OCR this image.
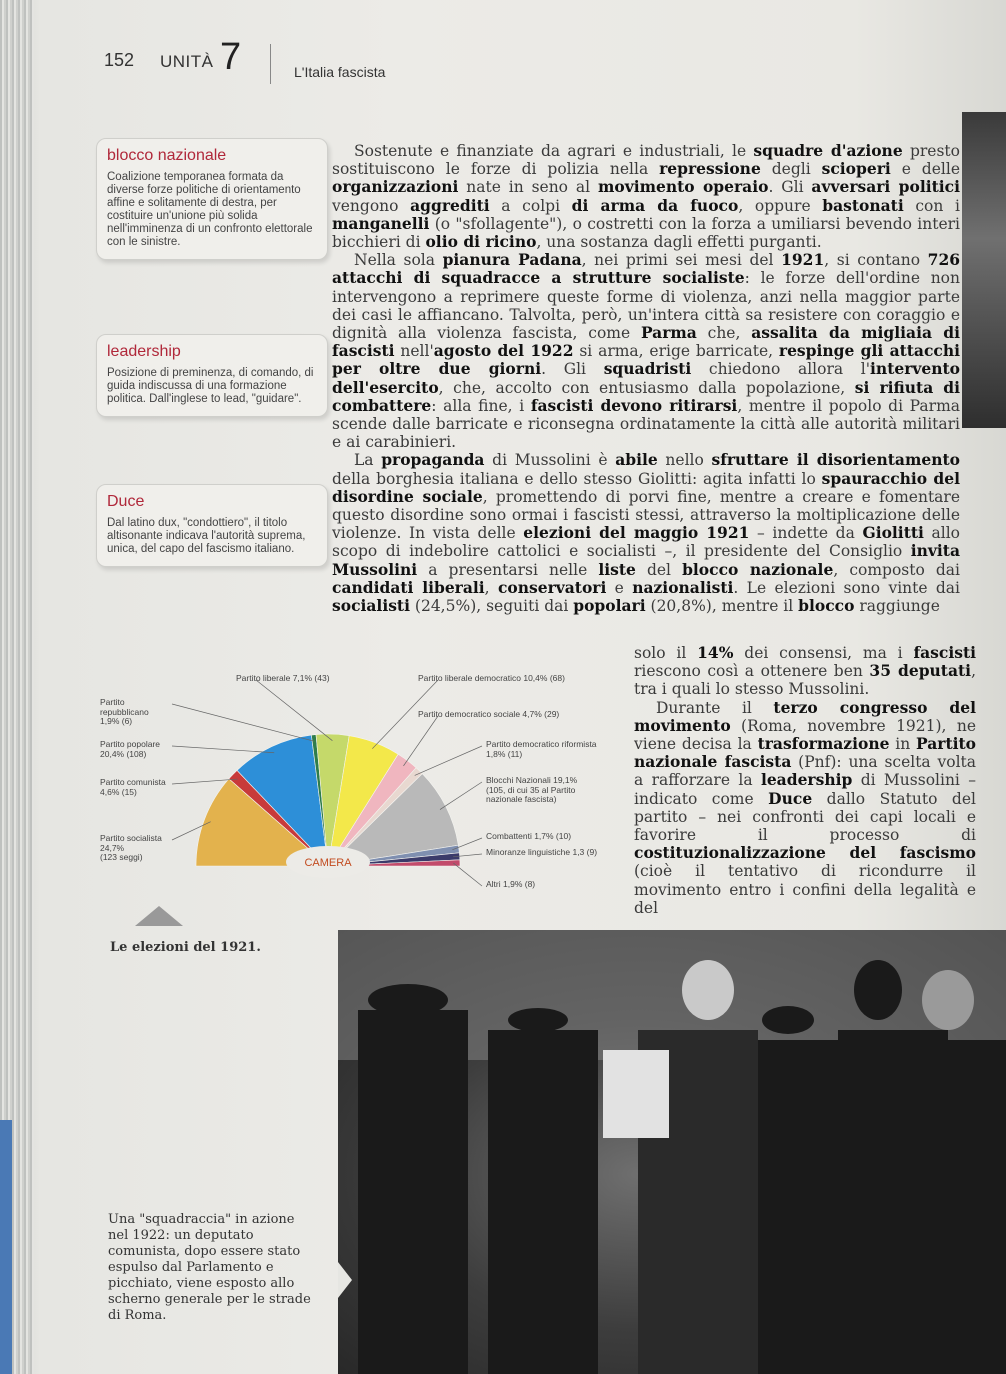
152 UNITÀ 7	L'Italia fascista
blocco nazionale

Coalizione temporanea formata da diverse forze politiche di orientamento affine e solitamente di destra, per costituire un'unione più solida nell'imminenza di un confronto elettorale con le sinistre.

leadership

Posizione di preminenza, di comando, di guida indiscussa di una formazione politica. Dall'inglese to lead, "guidare".

Duce

Dal latino dux, "condottiero", il titolo altisonante indicava l'autorità suprema, unica, del capo del fascismo italiano.

Sostenute e finanziate da agrari e industriali, le squadre d'azione presto sostituiscono le forze di polizia nella repressione degli scioperi e delle organizzazioni nate in seno al movimento operaio. Gli avversari politici vengono aggrediti a colpi di arma da fuoco, oppure bastonati con i manganelli (o "sfollagente"), o costretti con la forza a umiliarsi bevendo interi bicchieri di olio di ricino, una sostanza dagli effetti purganti.

Nella sola pianura Padana, nei primi sei mesi del 1921, si contano 726 attacchi di squadracce a strutture socialiste: le forze dell'ordine non intervengono a reprimere queste forme di violenza, anzi nella maggior parte dei casi le affiancano. Talvolta, però, un'intera città sa resistere con coraggio e dignità alla violenza fascista, come Parma che, assalita da migliaia di fascisti nell'agosto del 1922 si arma, erige barricate, respinge gli attacchi per oltre due giorni. Gli squadristi chiedono allora l'intervento dell'esercito, che, accolto con entusiasmo dalla popolazione, si rifiuta di combattere: alla fine, i fascisti devono ritirarsi, mentre il popolo di Parma scende dalle barricate e riconsegna ordinatamente la città alle autorità militari e ai carabinieri.

La propaganda di Mussolini è abile nello sfruttare il disorientamento della borghesia italiana e dello stesso Giolitti: agita infatti lo spauracchio del disordine sociale, promettendo di porvi fine, mentre a creare e fomentare questo disordine sono ormai i fascisti stessi, attraverso la moltiplicazione delle violenze. In vista delle elezioni del maggio 1921 – indette da Giolitti allo scopo di indebolire cattolici e socialisti –, il presidente del Consiglio invita Mussolini a presentarsi nelle liste del blocco nazionale, composto dai candidati liberali, conservatori e nazionalisti. Le elezioni sono vinte dai socialisti (24,5%), seguiti dai popolari (20,8%), mentre il blocco raggiunge

solo il 14% dei consensi, ma i fascisti riescono così a ottenere ben 35 deputati, tra i quali lo stesso Mussolini.

Durante il terzo congresso del movimento (Roma, novembre 1921), ne viene decisa la trasformazione in Partito nazionale fascista (Pnf): una scelta volta a rafforzare la leadership di Mussolini – indicato come Duce dallo Statuto del partito – nei confronti dei capi locali e favorire il processo di costituzionalizzazione del fascismo (cioè il tentativo di ricondurre il movimento entro i confini della legalità e del

CAMERA
Partito socialista
24,7%
(123 seggi)
Partito comunista 4,6% (15)
Partito popolare 20,4% (108)
Partito repubblicano 1,9% (6)
Partito liberale 7,1% (43)	Partito liberale democratico 10,4% (68)
Partito democratico sociale 4,7% (29)
Partito democratico riformista 1,8% (11)
Blocchi Nazionali 19,1%
(105, di cui 35 al Partito nazionale fascista)
Combattenti 1,7% (10)
Minoranze linguistiche 1,3 (9)
Altri 1,9% (8)
Le elezioni del 1921.
Una "squadraccia" in azione nel 1922: un deputato comunista, dopo essere stato espulso dal Parlamento e picchiato, viene esposto allo scherno generale per le strade di Roma.
